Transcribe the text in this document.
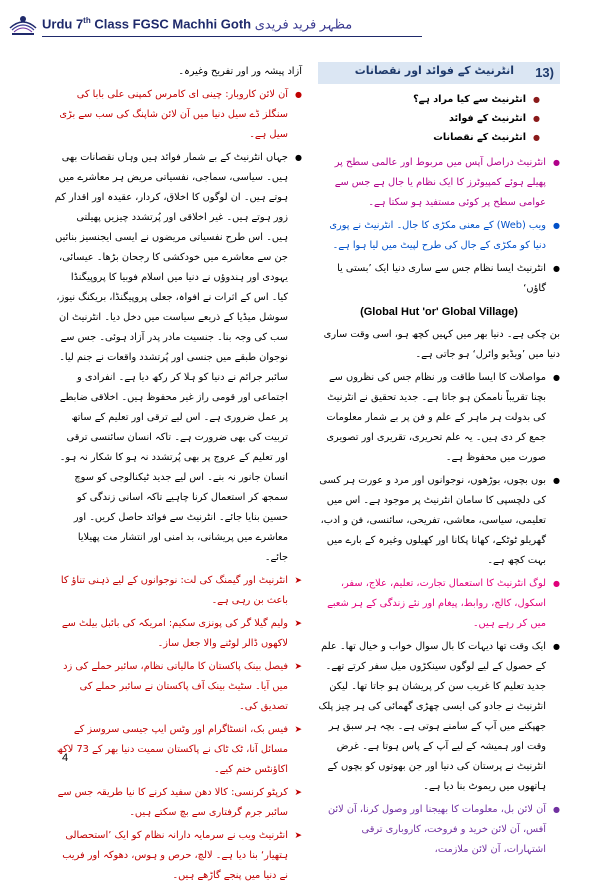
Urdu 7th Class FGSC Machhi Goth مظہر فرید فریدی
13)
انٹرنیٹ کے فوائد اور نقصانات
● انٹرنیٹ سے کیا مراد ہے؟
● انٹرنیٹ کے فوائد
● انٹرنیٹ کے نقصانات

● انٹرنیٹ دراصل آپس میں مربوط اور عالمی سطح پر پھیلے ہوئے کمپیوٹرز کا ایک نظام یا جال ہے جس سے عوامی سطح پر کوئی مستفید ہو سکتا ہے۔

● ویب (Web) کے معنی مکڑی کا جال۔ انٹرنیٹ نے پوری دنیا کو مکڑی کے جال کی طرح لپیٹ میں لیا ہوا ہے۔

● انٹرنیٹ ایسا نظام جس سے ساری دنیا ایک ’بستی یا گاؤں‘

(Global Hut 'or' Global Village)

بن چکی ہے۔ دنیا بھر میں کہیں کچھ ہو، اسی وقت ساری دنیا میں ’ویڈیو وائرل‘ ہو جاتی ہے۔

● مواصلات کا ایسا طاقت ور نظام جس کی نظروں سے بچنا تقریباً ناممکن ہو جاتا ہے۔ جدید تحقیق نے انٹرنیٹ کی بدولت ہر ماہر کے علم و فن پر بے شمار معلومات جمع کر دی ہیں۔ یہ علم تحریری، تقریری اور تصویری صورت میں محفوظ ہے۔

● بوں بچوں، بوڑھوں، نوجوانوں اور مرد و عورت ہر کسی کی دلچسپی کا سامان انٹرنیٹ پر موجود ہے۔ اس میں تعلیمی، سیاسی، معاشی، تفریحی، سائنسی، فن و ادب، گھریلو ٹوٹکے، کھانا پکانا اور کھیلوں وغیرہ کے بارے میں بہت کچھ ہے۔

● لوگ انٹرنیٹ کا استعمال تجارت، تعلیم، علاج، سفر، اسکول، کالج، روابط، پیغام اور نئے زندگی کے ہر شعبے میں کر رہے ہیں۔

● ایک وقت تھا دیہات کا بال سوال خواب و خیال تھا۔ علم کے حصول کے لیے لوگوں سینکڑوں میل سفر کرتے تھے۔ جدید تعلیم کا غریب سن کر پریشان ہو جاتا تھا۔ لیکن انٹرنیٹ نے جادو کی ایسی چھڑی گھمائی کی ہر چیز پلک جھپکنے میں آپ کے سامنے ہوتی ہے۔ بچہ ہر سبق ہر وقت اور ہمیشہ کے لیے آپ کے پاس ہوتا ہے۔ غرض انٹرنیٹ نے پرستان کی دنیا اور جن بھوتوں کو بچوں کے ہاتھوں میں ریموٹ بنا دیا ہے۔

● آن لائن بل، معلومات کا بھیجنا اور وصول کرنا، آن لائن آفس، آن لائن خرید و فروخت، کاروباری ترقی اشتہارات، آن لائن ملازمت،

آزاد پیشہ ور اور تفریح وغیرہ۔

● آن لائن کاروبار: چینی ای کامرس کمپنی علی بابا کی سنگلز ڈے سیل دنیا میں آن لائن شاپنگ کی سب سے بڑی سیل ہے۔

● جہاں انٹرنیٹ کے بے شمار فوائد ہیں وہاں نقصانات بھی ہیں۔ سیاسی، سماجی، نفسیاتی مریض ہر معاشرے میں ہوتے ہیں۔ ان لوگوں کا اخلاق، کردار، عقیدہ اور اقدار کم زور ہوتے ہیں۔ غیر اخلاقی اور پُرتشدد چیزیں پھیلتی ہیں۔ اس طرح نفسیاتی مریضوں نے ایسی ایجنسیز بنائیں جن سے معاشرے میں خودکشی کا رجحان بڑھا۔ عیسائی، یہودی اور ہندوؤں نے دنیا میں اسلام فوبیا کا پروپیگنڈا کیا۔ اس کے اثرات نے افواہ، جعلی پروپیگنڈا، بریکنگ نیوز، سوشل میڈیا کے ذریعے سیاست میں دخل دیا۔ انٹرنیٹ ان سب کی وجہ بنا۔ جنسیت مادر پدر آزاد ہوئی۔ جس سے نوجوان طبقے میں جنسی اور پُرتشدد واقعات نے جنم لیا۔ سائبر جرائم نے دنیا کو ہلا کر رکھ دیا ہے۔ انفرادی و اجتماعی اور قومی راز غیر محفوظ ہیں۔ اخلاقی ضابطے پر عمل ضروری ہے۔ اس لیے ترقی اور تعلیم کے ساتھ تربیت کی بھی ضرورت ہے۔ تاکہ انسان سائنسی ترقی اور تعلیم کے عروج پر بھی پُرتشدد نہ ہو کا شکار نہ ہو۔ انسان جانور نہ بنے۔ اس لیے جدید ٹیکنالوجی کو سوچ سمجھ کر استعمال کرنا چاہیے تاکہ اسانی زندگی کو حسین بنایا جائے۔ انٹرنیٹ سے فوائد حاصل کریں۔ اور معاشرے میں پریشانی، بد امنی اور انتشار مت پھیلایا جائے۔

➤ انٹرنیٹ اور گیمنگ کی لت: نوجوانوں کے لیے ذہنی تناؤ کا باعث بن رہی ہے۔

➤ ولیم گیلا گر کی پونزی سکیم: امریکہ کی بائبل بیلٹ سے لاکھوں ڈالر لوٹنے والا جعل ساز۔

➤ فیصل بینک پاکستان کا مالیاتی نظام، سائبر حملے کی زد میں آیا۔ سٹیٹ بینک آف پاکستان نے سائبر حملے کی تصدیق کی۔

➤ فیس بک، انسٹاگرام اور وٹس ایپ جیسی سروسز کے مسائل آنا، ٹک ٹاک نے پاکستان سمیت دنیا بھر کے 73 لاکھ اکاؤنٹس ختم کیے۔

➤ کرپٹو کرنسی: کالا دھن سفید کرنے کا نیا طریقہ جس سے سائبر جرم گرفتاری سے بچ سکتے ہیں۔

➤ انٹرنیٹ ویب نے سرمایہ دارانہ نظام کو ایک ’استحصالی ہتھیار‘ بنا دیا ہے۔ لالچ، حرص و ہوس، دھوکہ اور فریب نے دنیا میں پنجے گاڑھے ہیں۔

4
